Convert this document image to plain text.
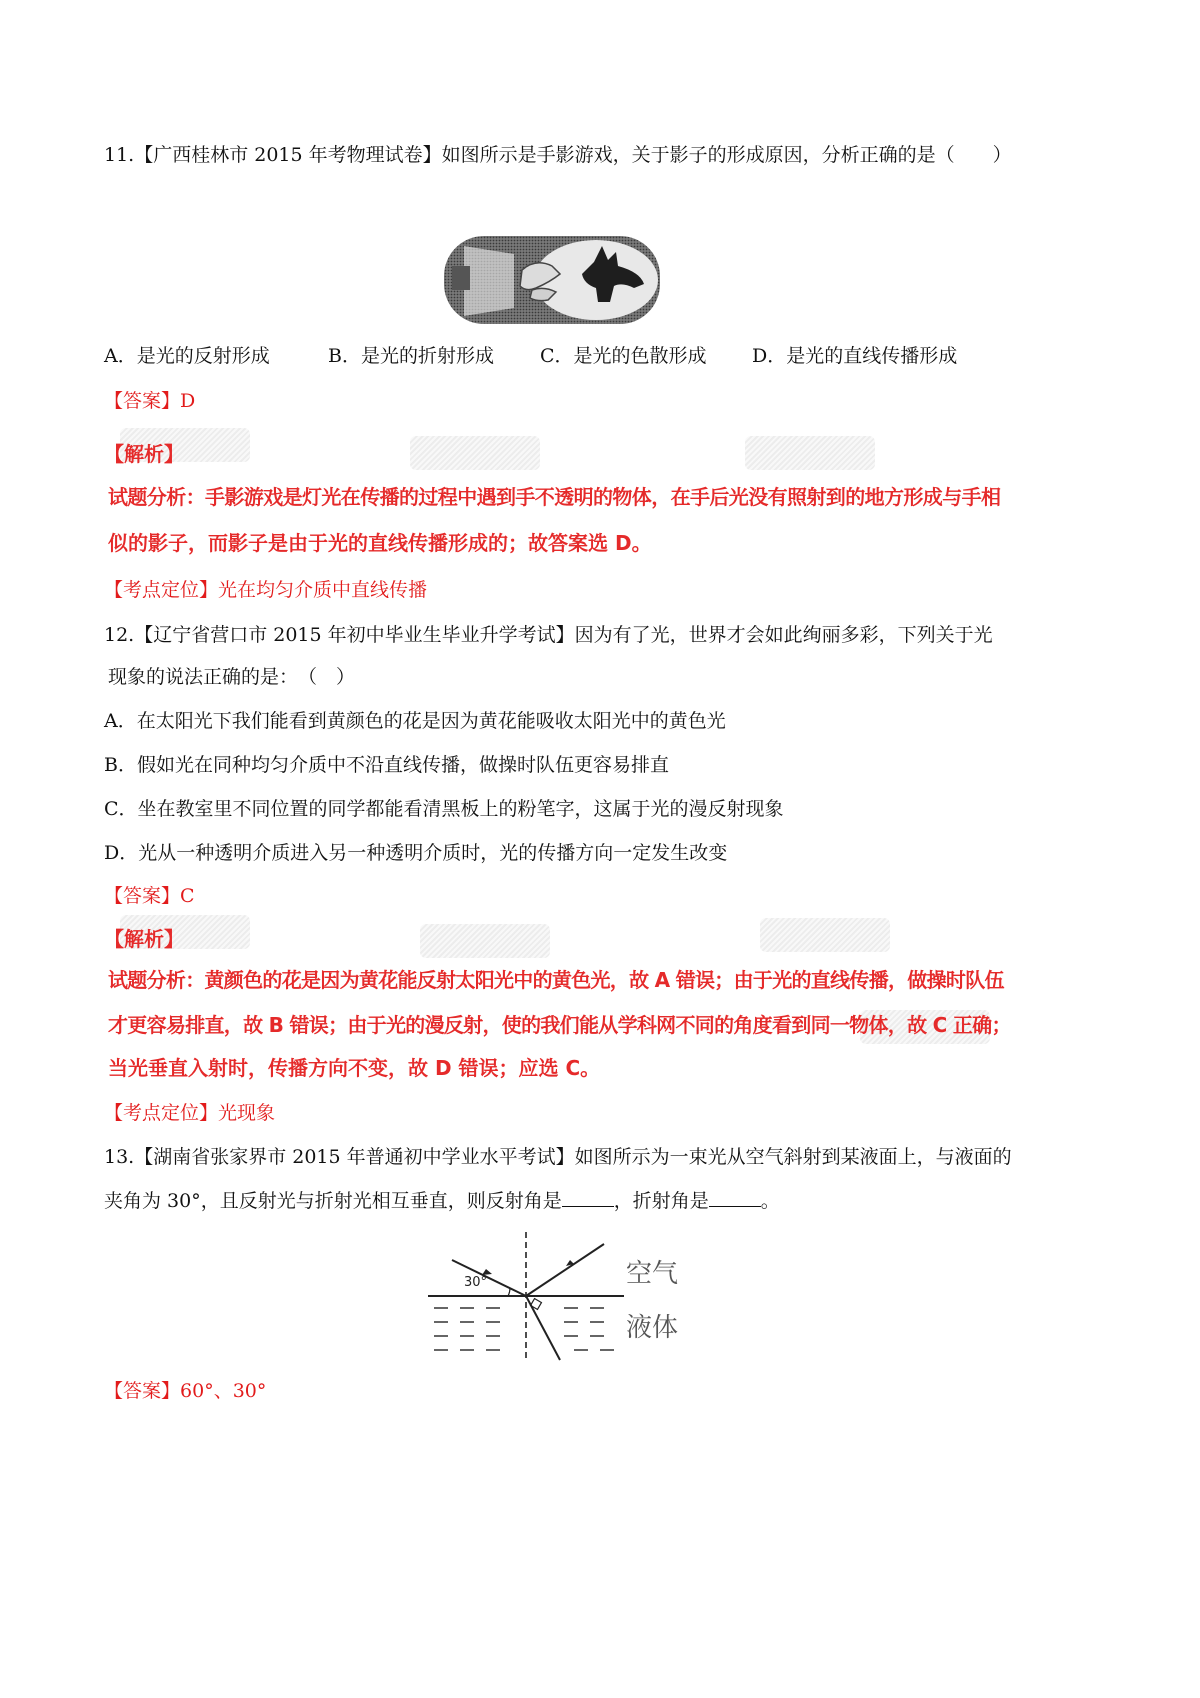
11.【广西桂林市 2015 年考物理试卷】如图所示是手影游戏，关于影子的形成原因，分析正确的是（　　）
A．是光的反射形成	B．是光的折射形成 C．是光的色散形成 D．是光的直线传播形成
【答案】D
【解析】
试题分析：手影游戏是灯光在传播的过程中遇到手不透明的物体，在手后光没有照射到的地方形成与手相
似的影子，而影子是由于光的直线传播形成的；故答案选 D。
【考点定位】光在均匀介质中直线传播
12.【辽宁省营口市 2015 年初中毕业生毕业升学考试】因为有了光，世界才会如此绚丽多彩，下列关于光
现象的说法正确的是：　（　）
A．在太阳光下我们能看到黄颜色的花是因为黄花能吸收太阳光中的黄色光
B．假如光在同种均匀介质中不沿直线传播，做操时队伍更容易排直
C．坐在教室里不同位置的同学都能看清黑板上的粉笔字，这属于光的漫反射现象
D．光从一种透明介质进入另一种透明介质时，光的传播方向一定发生改变
【答案】C
【解析】
试题分析：黄颜色的花是因为黄花能反射太阳光中的黄色光，故 A 错误；由于光的直线传播，做操时队伍
才更容易排直，故 B 错误；由于光的漫反射，使的我们能从学科网不同的角度看到同一物体，故 C 正确；
当光垂直入射时，传播方向不变，故 D 错误；应选 C。
【考点定位】光现象
13.【湖南省张家界市 2015 年普通初中学业水平考试】如图所示为一束光从空气斜射到某液面上，与液面的
夹角为 30°，且反射光与折射光相互垂直，则反射角是	，折射角是	。
30°	空气
液体
【答案】60°、30°
